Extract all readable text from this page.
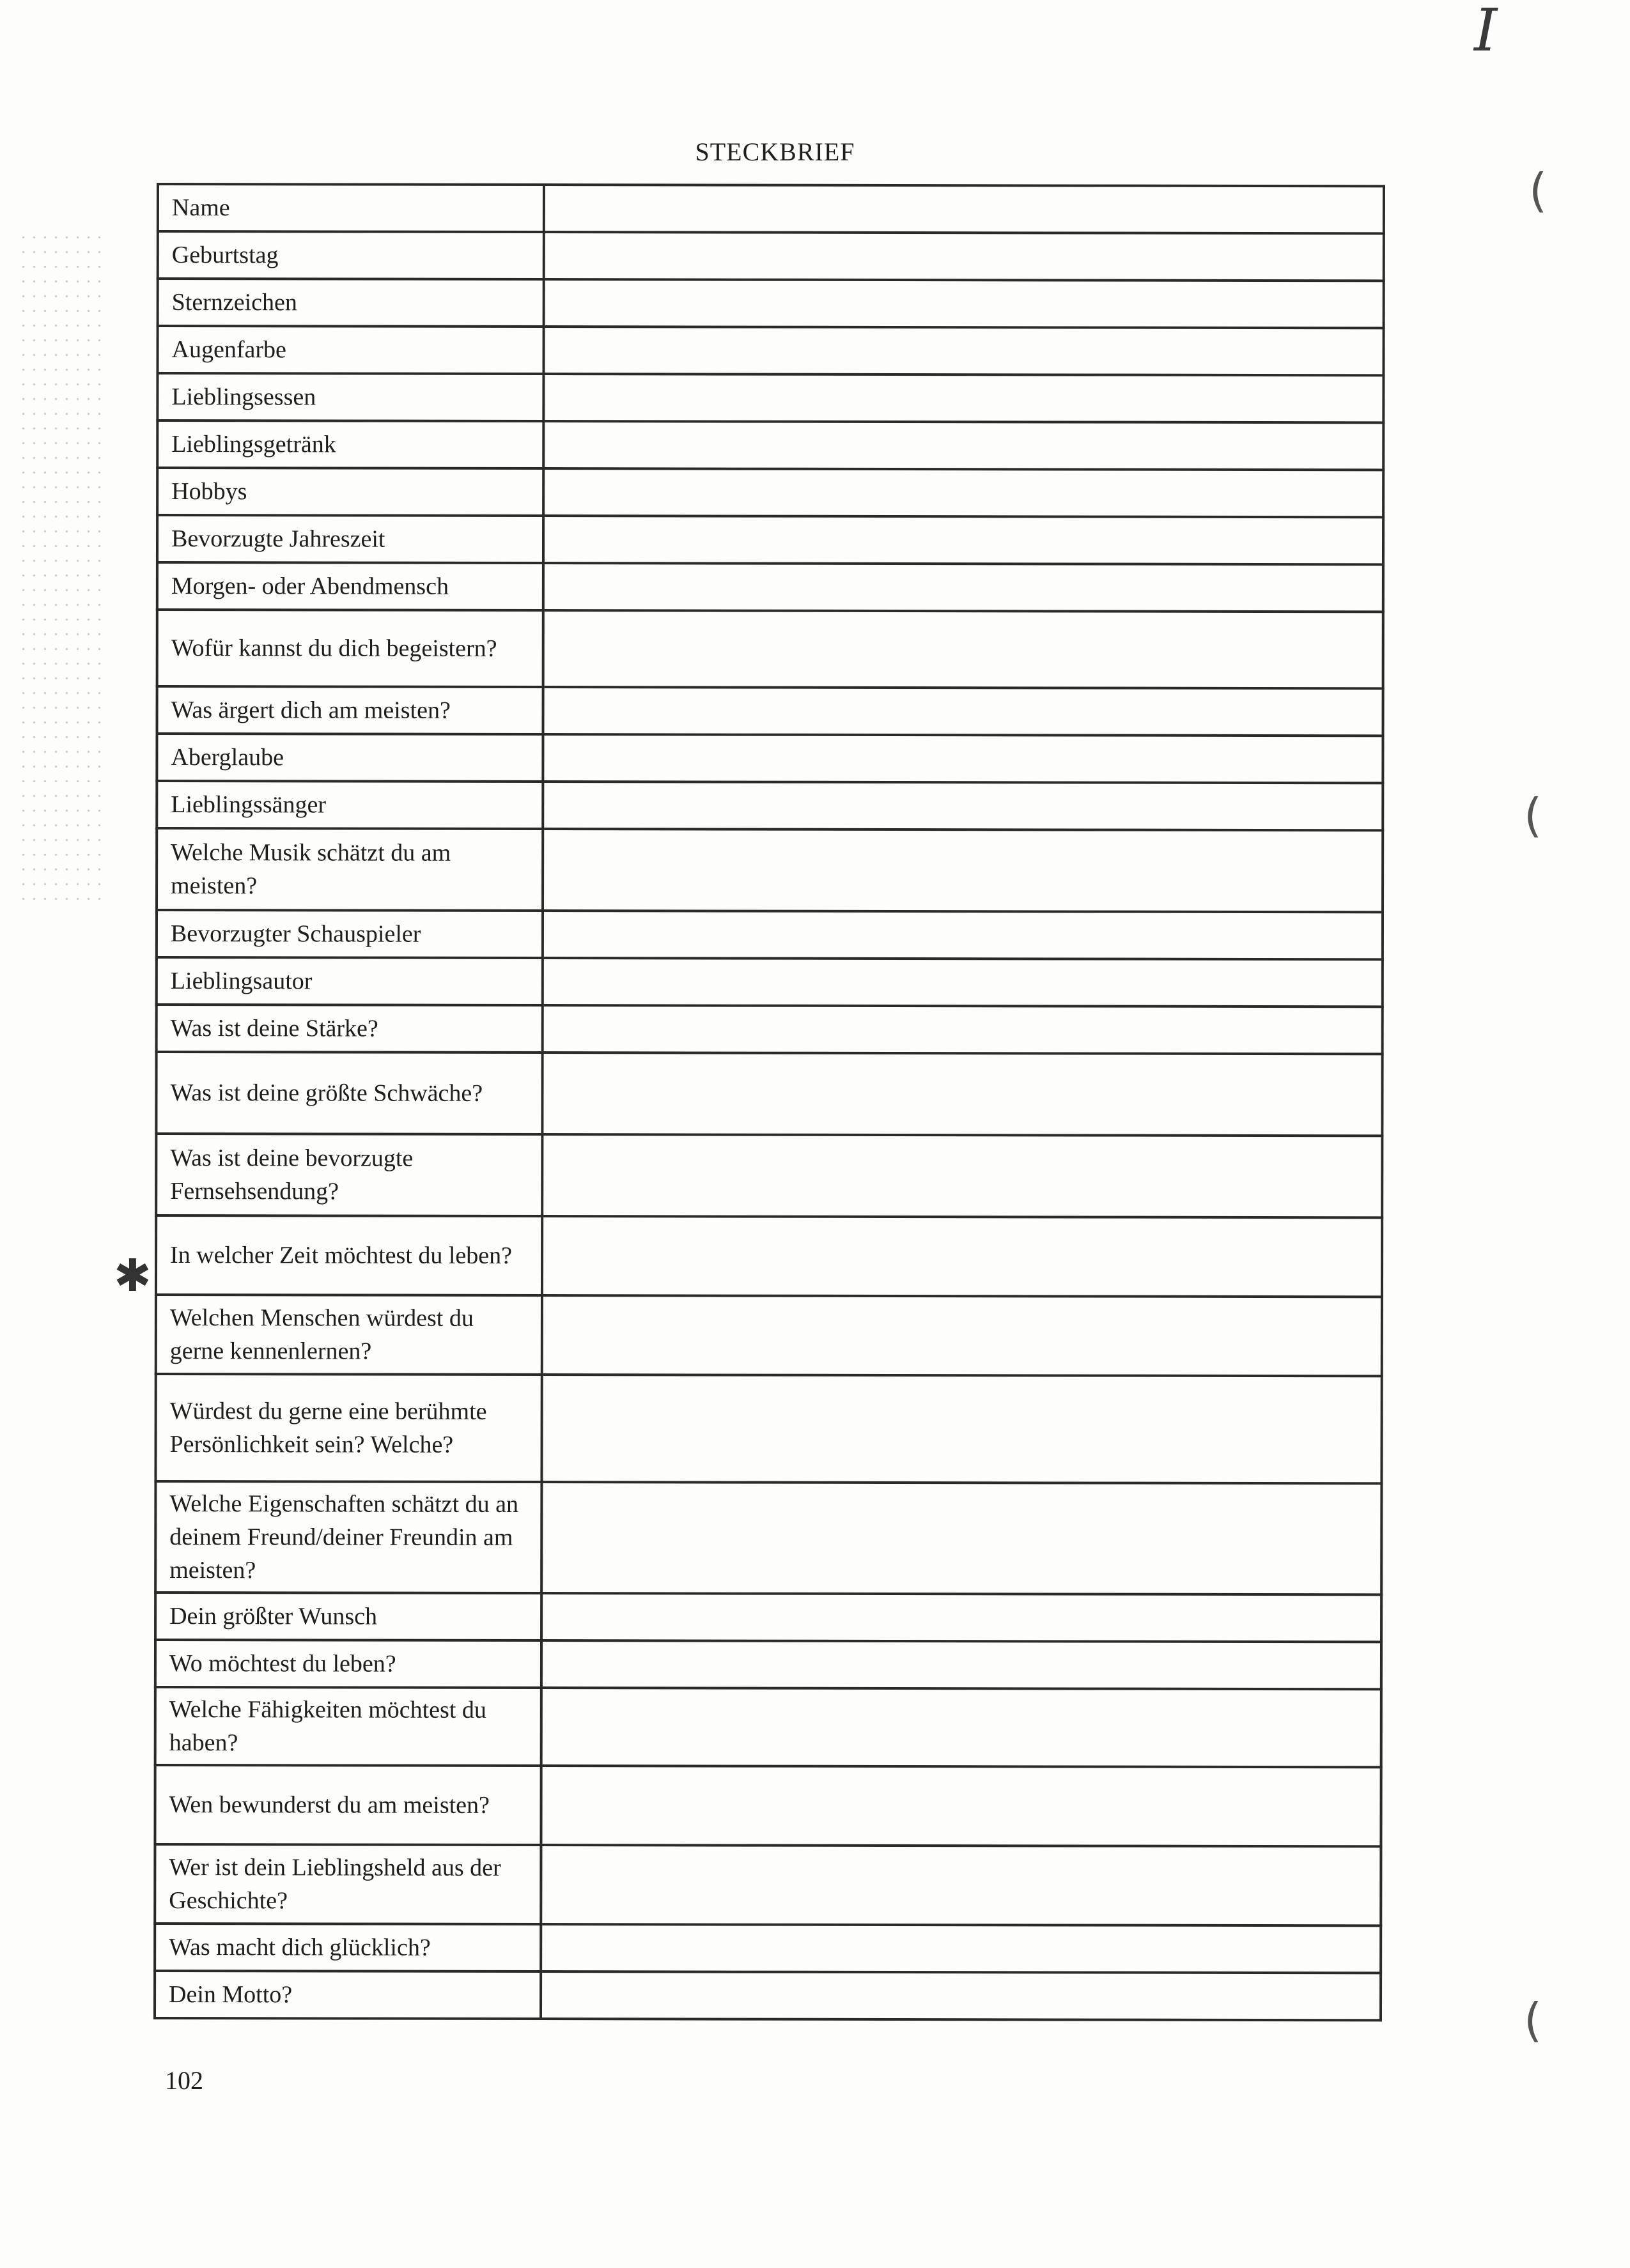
I
STECKBRIEF
Name	
Geburtstag	
Sternzeichen	
Augenfarbe	
Lieblingsessen	
Lieblingsgetränk	
Hobbys	
Bevorzugte Jahreszeit	
Morgen- oder Abendmensch	
Wofür kannst du dich begeistern?	
Was ärgert dich am meisten?	
Aberglaube	
Lieblingssänger	
Welche Musik schätzt du am meisten?	
Bevorzugter Schauspieler	
Lieblingsautor	
Was ist deine Stärke?	
Was ist deine größte Schwäche?	
Was ist deine bevorzugte Fernsehsendung?	
In welcher Zeit möchtest du leben?	
Welchen Menschen würdest du gerne kennenlernen?	
Würdest du gerne eine berühmte Persönlichkeit sein? Welche?	
Welche Eigenschaften schätzt du an deinem Freund/deiner Freundin am meisten?	
Dein größter Wunsch	
Wo möchtest du leben?	
Welche Fähigkeiten möchtest du haben?	
Wen bewunderst du am meisten?	
Wer ist dein Lieblingsheld aus der Geschichte?	
Was macht dich glücklich?	
Dein Motto?	
(
(
(
✱
102
